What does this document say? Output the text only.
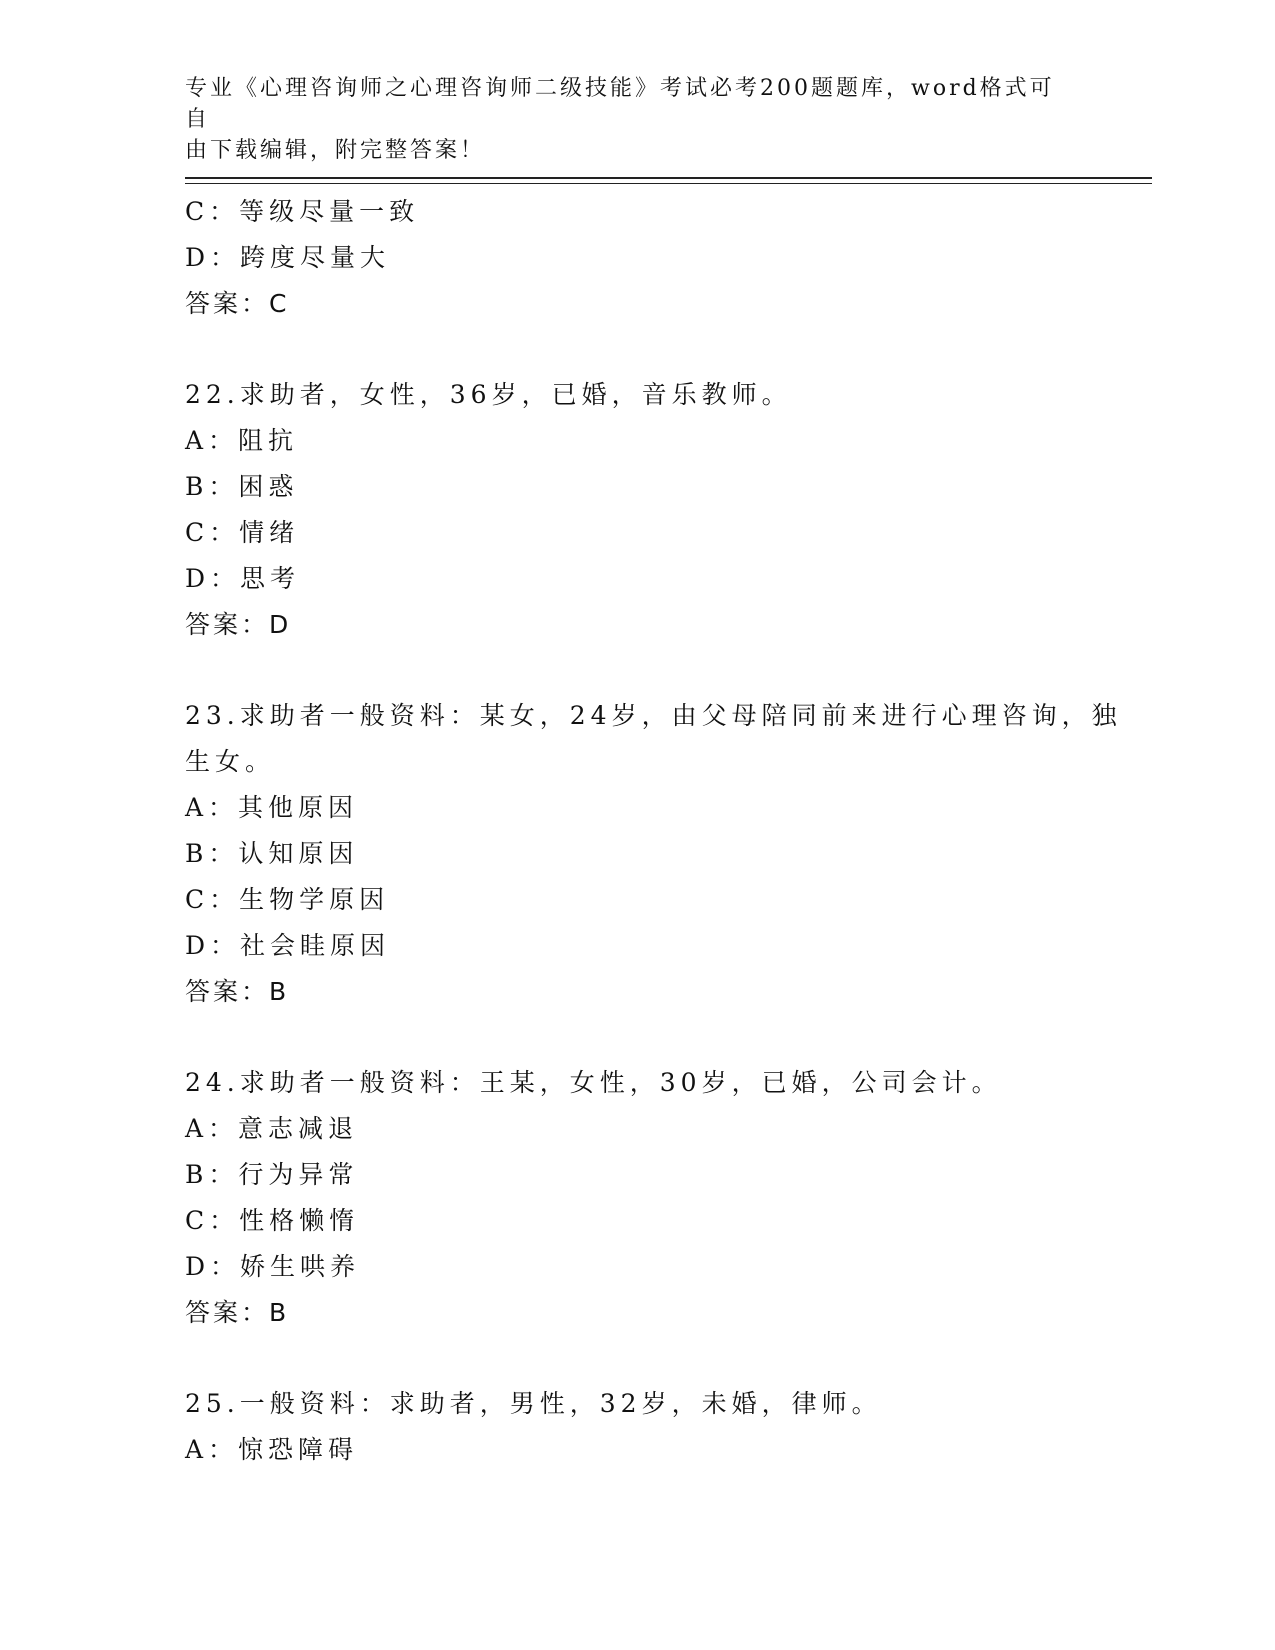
专业《心理咨询师之心理咨询师二级技能》考试必考200题题库，word格式可自
由下载编辑，附完整答案！
C：等级尽量一致
D：跨度尽量大
答案：C
22.求助者，女性，36岁，已婚，音乐教师。
A：阻抗
B：困惑
C：情绪
D：思考
答案：D
23.求助者一般资料：某女，24岁，由父母陪同前来进行心理咨询，独
生女。
A：其他原因
B：认知原因
C：生物学原因
D：社会眭原因
答案：B
24.求助者一般资料：王某，女性，30岁，已婚，公司会计。
A：意志减退
B：行为异常
C：性格懒惰
D：娇生哄养
答案：B
25.一般资料：求助者，男性，32岁，未婚，律师。
A：惊恐障碍
